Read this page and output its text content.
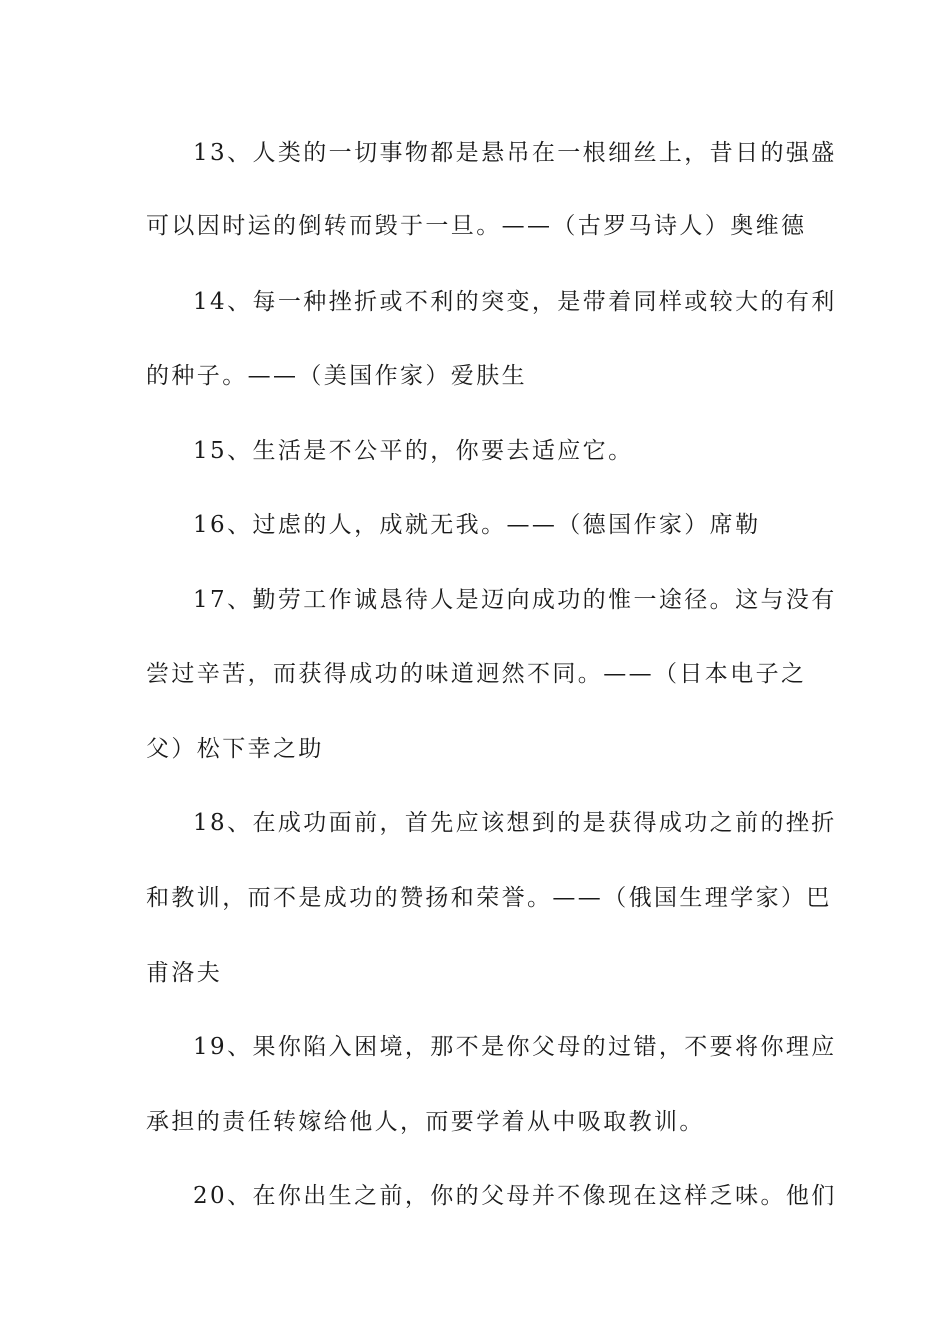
13、人类的一切事物都是悬吊在一根细丝上，昔日的强盛
可以因时运的倒转而毁于一旦。——（古罗马诗人）奥维德
14、每一种挫折或不利的突变，是带着同样或较大的有利
的种子。——（美国作家）爱肤生
15、生活是不公平的，你要去适应它。
16、过虑的人，成就无我。——（德国作家）席勒
17、勤劳工作诚恳待人是迈向成功的惟一途径。这与没有
尝过辛苦，而获得成功的味道迥然不同。——（日本电子之
父）松下幸之助
18、在成功面前，首先应该想到的是获得成功之前的挫折
和教训，而不是成功的赞扬和荣誉。——（俄国生理学家）巴
甫洛夫
19、果你陷入困境，那不是你父母的过错，不要将你理应
承担的责任转嫁给他人，而要学着从中吸取教训。
20、在你出生之前，你的父母并不像现在这样乏味。他们
